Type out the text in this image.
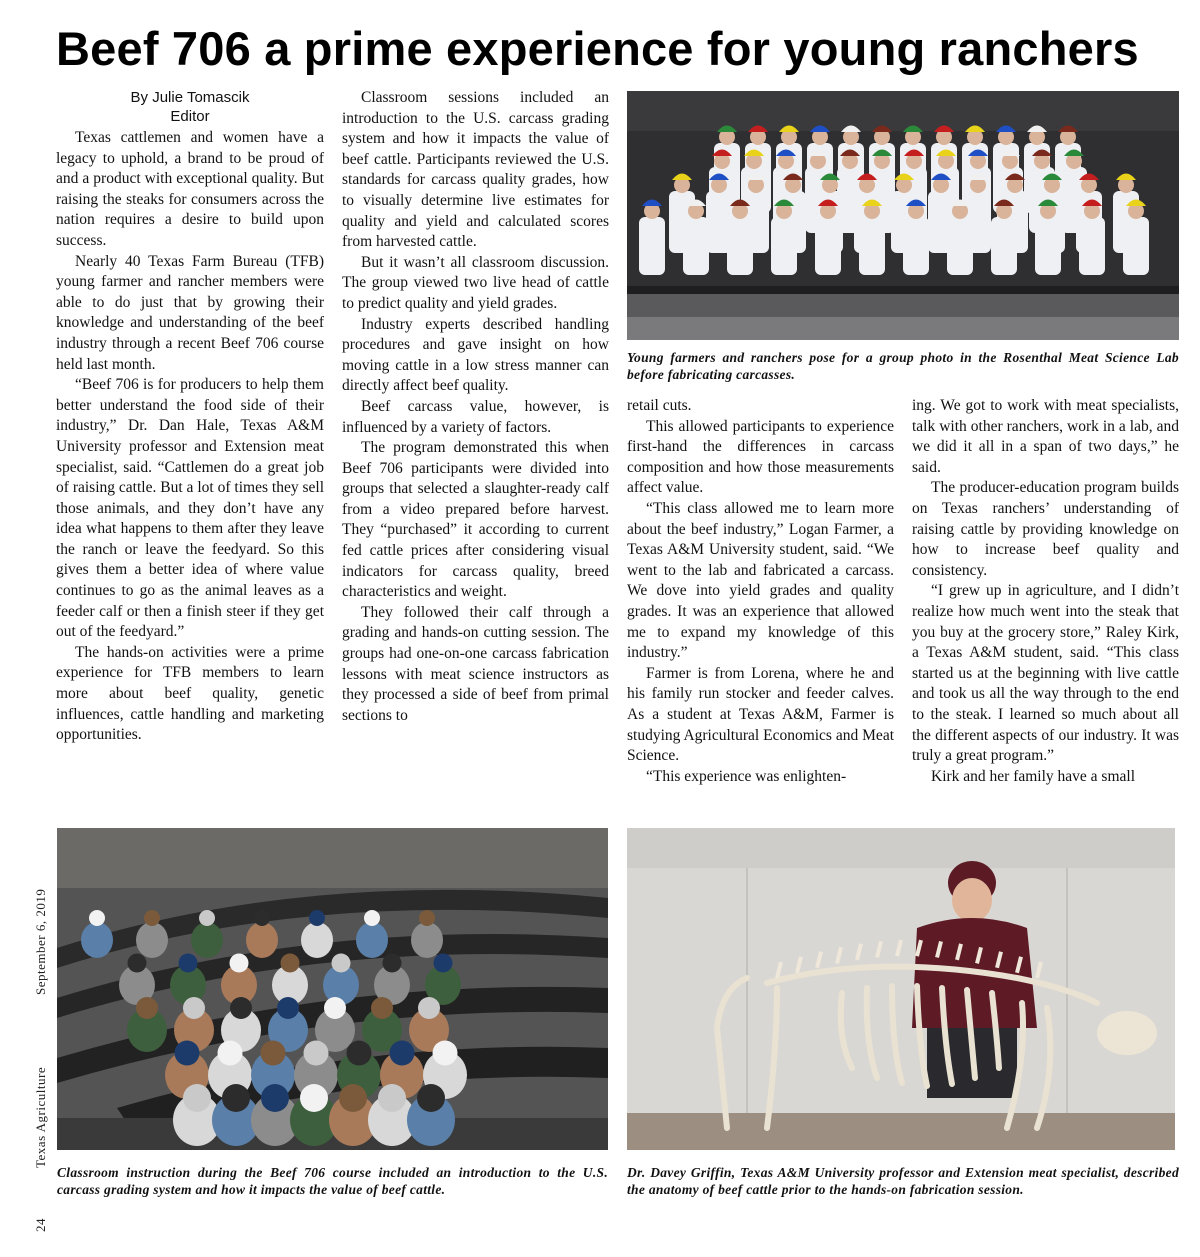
Beef 706 a prime experience for young ranchers
By Julie Tomascik
Editor

Texas cattlemen and women have a legacy to uphold, a brand to be proud of and a product with exceptional quality. But raising the steaks for consumers across the nation requires a desire to build upon success.

Nearly 40 Texas Farm Bureau (TFB) young farmer and rancher members were able to do just that by growing their knowledge and understanding of the beef industry through a recent Beef 706 course held last month.

“Beef 706 is for producers to help them better understand the food side of their industry,” Dr. Dan Hale, Texas A&M University professor and Extension meat specialist, said. “Cattlemen do a great job of raising cattle. But a lot of times they sell those animals, and they don’t have any idea what happens to them after they leave the ranch or leave the feedyard. So this gives them a better idea of where value continues to go as the animal leaves as a feeder calf or then a finish steer if they get out of the feedyard.”

The hands-on activities were a prime experience for TFB members to learn more about beef quality, genetic influences, cattle handling and marketing opportunities.

Classroom sessions included an introduction to the U.S. carcass grading system and how it impacts the value of beef cattle. Participants reviewed the U.S. standards for carcass quality grades, how to visually determine live estimates for quality and yield and calculated scores from harvested cattle.

But it wasn’t all classroom discussion. The group viewed two live head of cattle to predict quality and yield grades.

Industry experts described handling procedures and gave insight on how moving cattle in a low stress manner can directly affect beef quality.

Beef carcass value, however, is influenced by a variety of factors.

The program demonstrated this when Beef 706 participants were divided into groups that selected a slaughter-ready calf from a video prepared before harvest. They “purchased” it according to current fed cattle prices after considering visual indicators for carcass quality, breed characteristics and weight.

They followed their calf through a grading and hands-on cutting session. The groups had one-on-one carcass fabrication lessons with meat science instructors as they processed a side of beef from primal sections to

Young farmers and ranchers pose for a group photo in the Rosenthal Meat Science Lab before fabricating carcasses.

retail cuts.

This allowed participants to experience first-hand the differences in carcass composition and how those measurements affect value.

“This class allowed me to learn more about the beef industry,” Logan Farmer, a Texas A&M University student, said. “We went to the lab and fabricated a carcass. We dove into yield grades and quality grades. It was an experience that allowed me to expand my knowledge of this industry.”

Farmer is from Lorena, where he and his family run stocker and feeder calves. As a student at Texas A&M, Farmer is studying Agricultural Economics and Meat Science.

“This experience was enlighten-

ing. We got to work with meat specialists, talk with other ranchers, work in a lab, and we did it all in a span of two days,” he said.

The producer-education program builds on Texas ranchers’ understanding of raising cattle by providing knowledge on how to increase beef quality and consistency.

“I grew up in agriculture, and I didn’t realize how much went into the steak that you buy at the grocery store,” Raley Kirk, a Texas A&M student, said. “This class started us at the beginning with live cattle and took us all the way through to the end to the steak. I learned so much about all the different aspects of our industry. It was truly a great program.”

Kirk and her family have a small

Classroom instruction during the Beef 706 course included an introduction to the U.S. carcass grading system and how it impacts the value of beef cattle.
Dr. Davey Griffin, Texas A&M University professor and Extension meat specialist, described the anatomy of beef cattle prior to the hands-on fabrication session.
September 6, 2019
Texas Agriculture
24
